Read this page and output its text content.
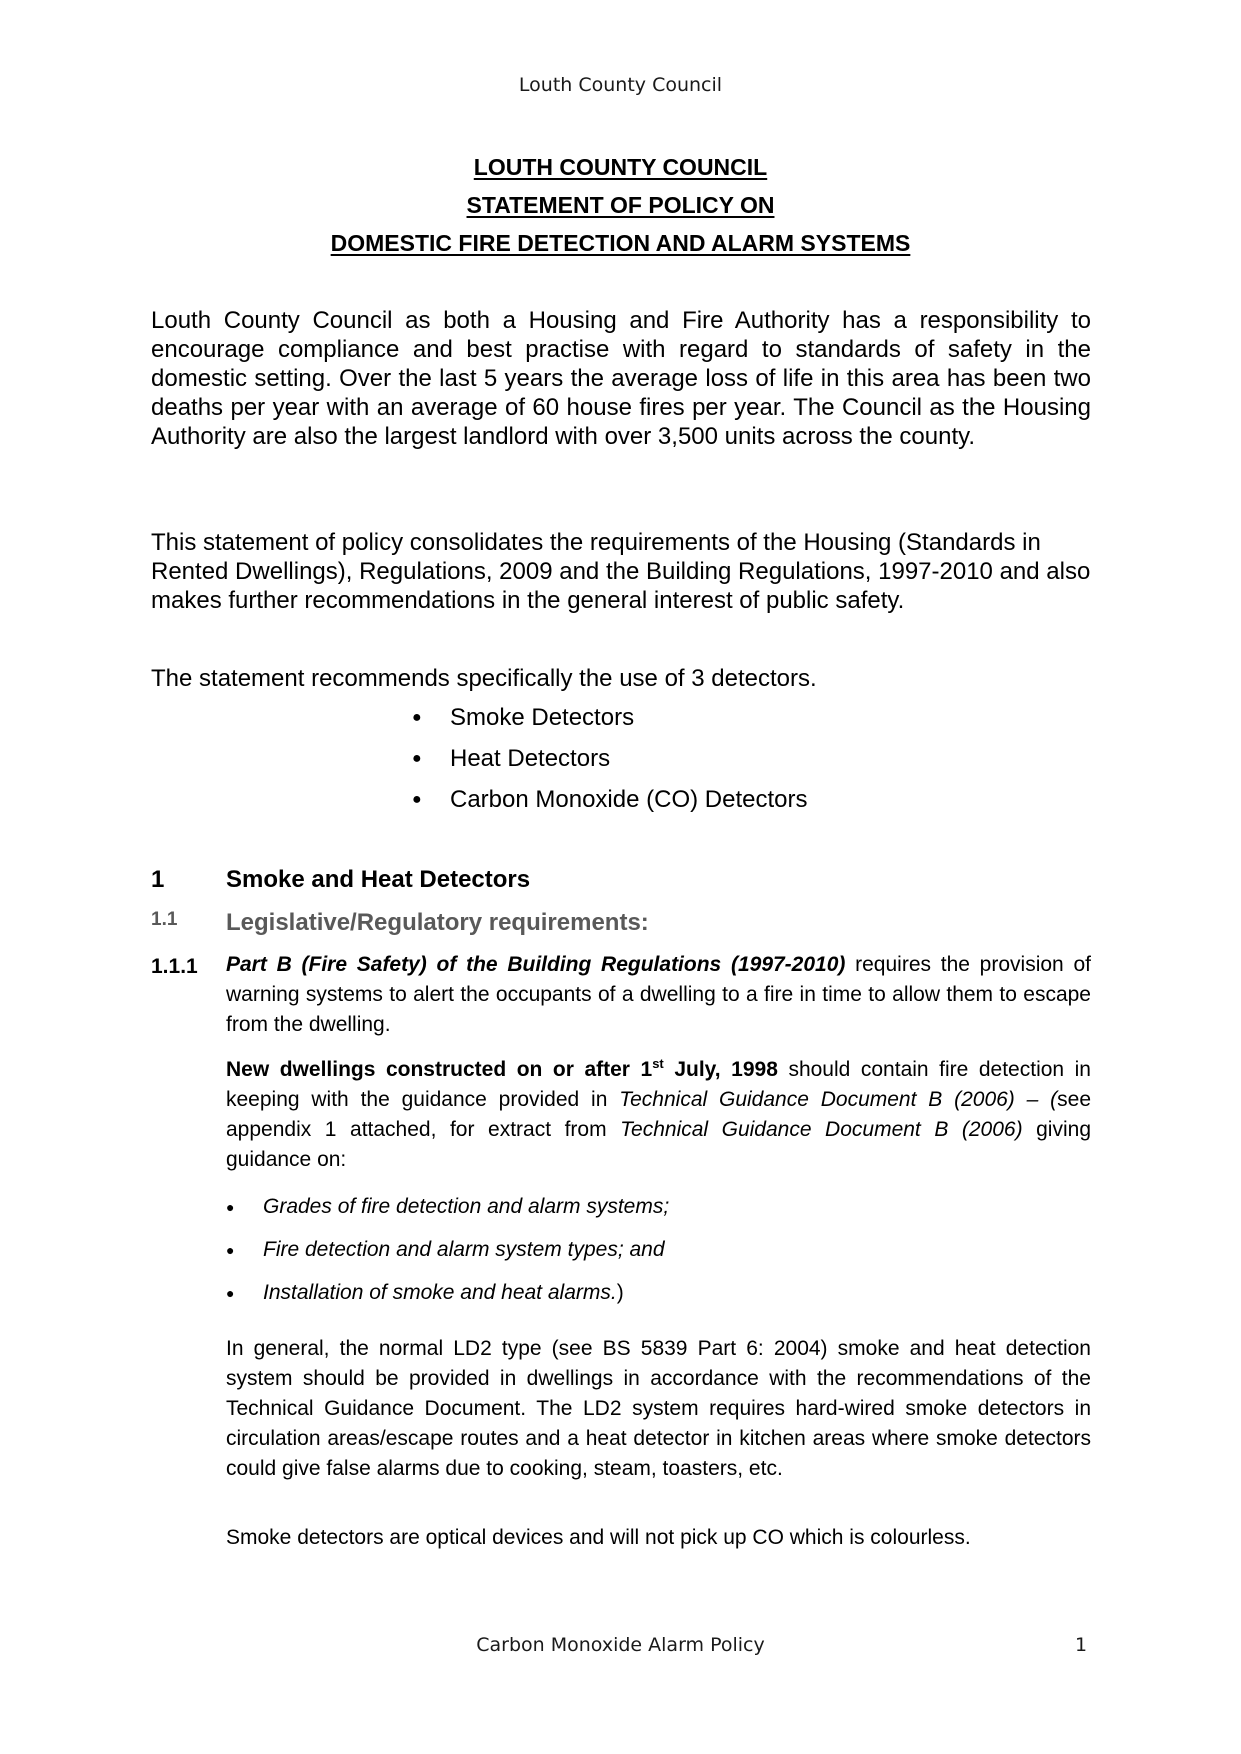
Louth County Council
LOUTH COUNTY COUNCIL
STATEMENT OF POLICY ON
DOMESTIC FIRE DETECTION AND ALARM SYSTEMS
Louth County Council as both a Housing and Fire Authority has a responsibility to encourage compliance and best practise with regard to standards of safety in the domestic setting. Over the last 5 years the average loss of life in this area has been two deaths per year with an average of 60 house fires per year. The Council as the Housing Authority are also the largest landlord with over 3,500 units across the county.
This statement of policy consolidates the requirements of the Housing (Standards in Rented Dwellings), Regulations, 2009 and the Building Regulations, 1997-2010 and also makes further recommendations in the general interest of public safety.
The statement recommends specifically the use of 3 detectors.
● Smoke Detectors
● Heat Detectors
● Carbon Monoxide (CO) Detectors
1	Smoke and Heat Detectors
1.1 Legislative/Regulatory requirements:
1.1.1 Part B (Fire Safety) of the Building Regulations (1997-2010) requires the provision of warning systems to alert the occupants of a dwelling to a fire in time to allow them to escape from the dwelling.
New dwellings constructed on or after 1st July, 1998 should contain fire detection in keeping with the guidance provided in Technical Guidance Document B (2006) – (see appendix 1 attached, for extract from Technical Guidance Document B (2006) giving guidance on:
● Grades of fire detection and alarm systems;
● Fire detection and alarm system types; and
● Installation of smoke and heat alarms.)
In general, the normal LD2 type (see BS 5839 Part 6: 2004) smoke and heat detection system should be provided in dwellings in accordance with the recommendations of the Technical Guidance Document. The LD2 system requires hard-wired smoke detectors in circulation areas/escape routes and a heat detector in kitchen areas where smoke detectors could give false alarms due to cooking, steam, toasters, etc.
Smoke detectors are optical devices and will not pick up CO which is colourless.
Carbon Monoxide Alarm Policy	1
